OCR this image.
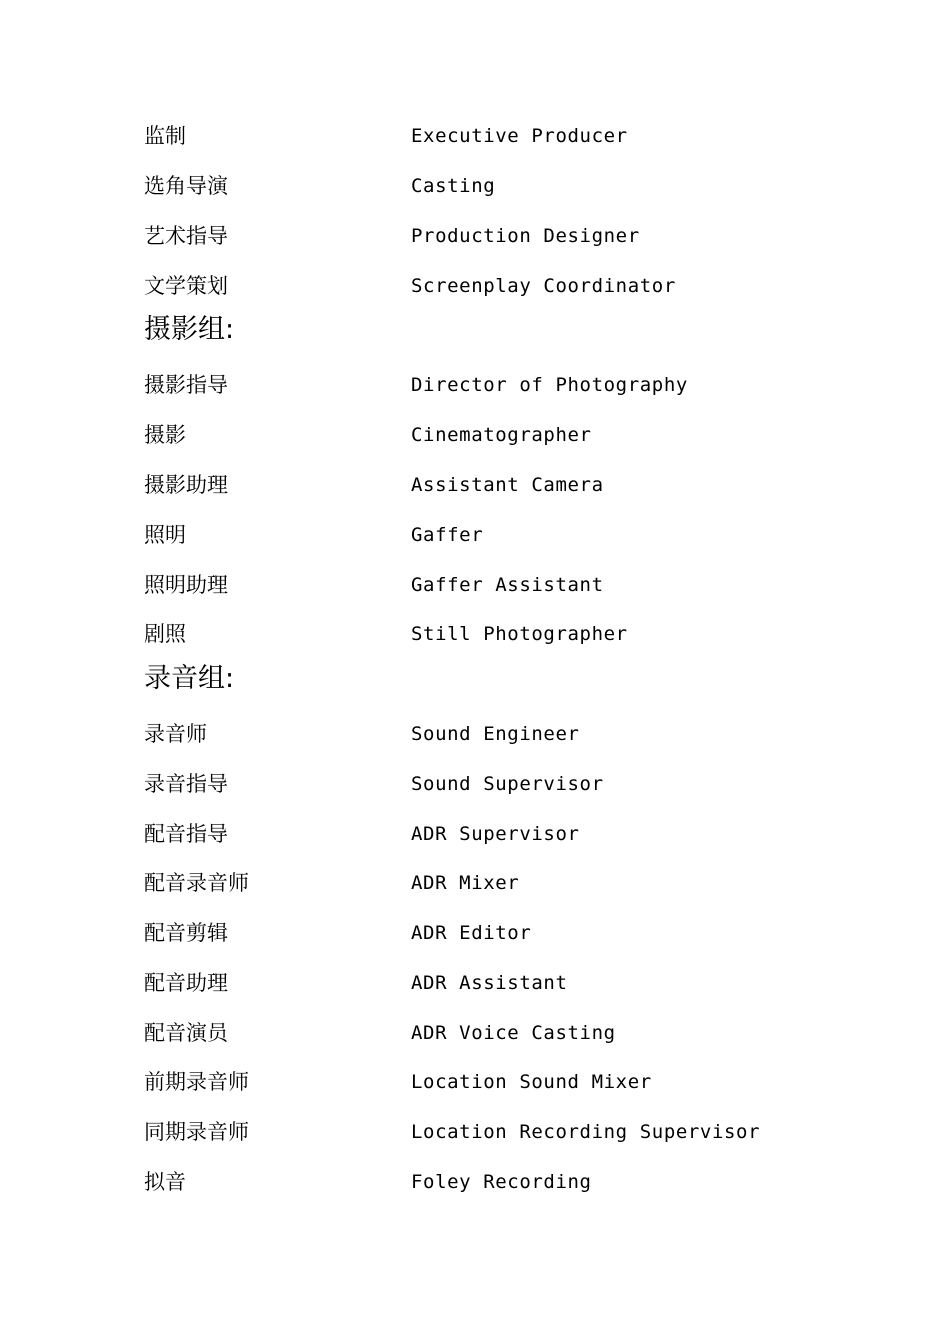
监制	Executive Producer
选角导演	Casting
艺术指导	Production Designer
文学策划	Screenplay Coordinator
摄影组:
摄影指导	Director of Photography
摄影	Cinematographer
摄影助理	Assistant Camera
照明	Gaffer
照明助理	Gaffer Assistant
剧照	Still Photographer
录音组:
录音师	Sound Engineer
录音指导	Sound Supervisor
配音指导	ADR Supervisor
配音录音师	ADR Mixer
配音剪辑	ADR Editor
配音助理	ADR Assistant
配音演员	ADR Voice Casting
前期录音师	Location Sound Mixer
同期录音师	Location Recording Supervisor
拟音	Foley Recording
